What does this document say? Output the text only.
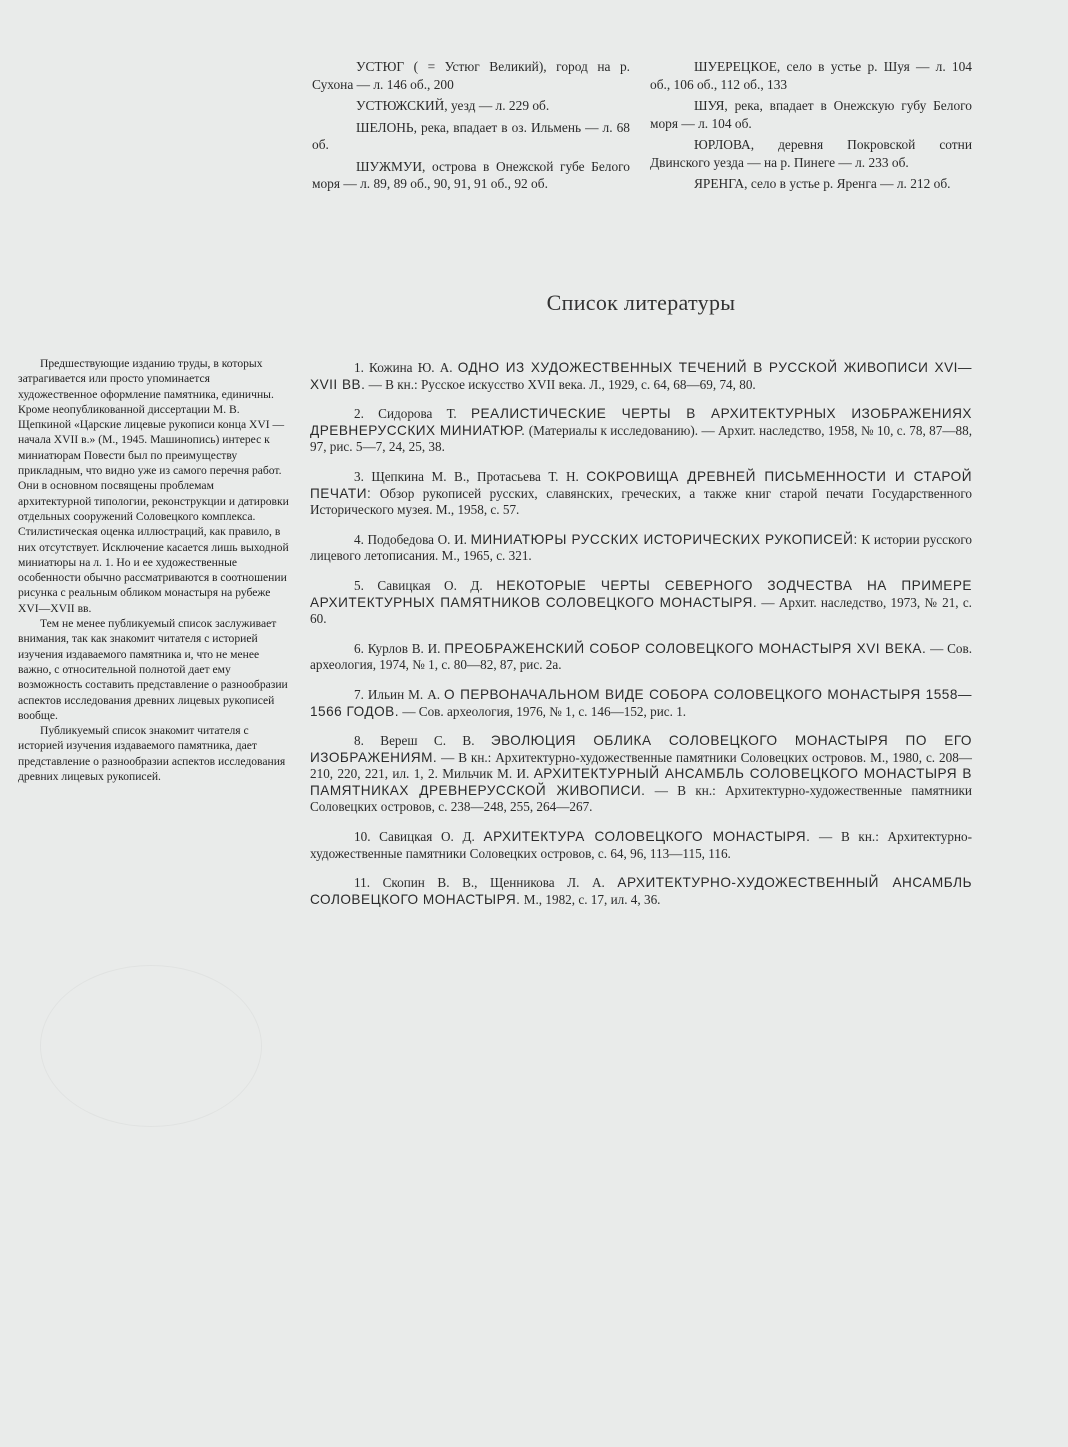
УСТЮГ ( = Устюг Великий), город на р. Сухона — л. 146 об., 200

УСТЮЖСКИЙ, уезд — л. 229 об.

ШЕЛОНЬ, река, впадает в оз. Ильмень — л. 68 об.

ШУЖМУИ, острова в Онежской губе Белого моря — л. 89, 89 об., 90, 91, 91 об., 92 об.

ШУЕРЕЦКОЕ, село в устье р. Шуя — л. 104 об., 106 об., 112 об., 133

ШУЯ, река, впадает в Онежскую губу Белого моря — л. 104 об.

ЮРЛОВА, деревня Покровской сотни Двинского уезда — на р. Пинеге — л. 233 об.

ЯРЕНГА, село в устье р. Яренга — л. 212 об.

Список литературы

Предшествующие изданию труды, в которых затрагивается или просто упоминается художественное оформление памятника, единичны. Кроме неопубликованной диссертации М. В. Щепкиной «Царские лицевые рукописи конца XVI — начала XVII в.» (М., 1945. Машинопись) интерес к миниатюрам Повести был по преимуществу прикладным, что видно уже из самого перечня работ. Они в основном посвящены проблемам архитектурной типологии, реконструкции и датировки отдельных сооружений Соловецкого комплекса. Стилистическая оценка иллюстраций, как правило, в них отсутствует. Исключение касается лишь выходной миниатюры на л. 1. Но и ее художественные особенности обычно рассматриваются в соотношении рисунка с реальным обликом монастыря на рубеже XVI—XVII вв.

Тем не менее публикуемый список заслуживает внимания, так как знакомит читателя с историей изучения издаваемого памятника и, что не менее важно, с относительной полнотой дает ему возможность составить представление о разнообразии аспектов исследования древних лицевых рукописей вообще.

Публикуемый список знакомит читателя с историей изучения издаваемого памятника, дает представление о разнообразии аспектов исследования древних лицевых рукописей.

1. Кожина Ю. А. ОДНО ИЗ ХУДОЖЕСТВЕННЫХ ТЕЧЕНИЙ В РУССКОЙ ЖИВОПИСИ XVI—XVII ВВ. — В кн.: Русское искусство XVII века. Л., 1929, с. 64, 68—69, 74, 80.

2. Сидорова Т. РЕАЛИСТИЧЕСКИЕ ЧЕРТЫ В АРХИТЕКТУРНЫХ ИЗОБРАЖЕНИЯХ ДРЕВНЕРУССКИХ МИНИАТЮР. (Материалы к исследованию). — Архит. наследство, 1958, № 10, с. 78, 87—88, 97, рис. 5—7, 24, 25, 38.

3. Щепкина М. В., Протасьева Т. Н. СОКРОВИЩА ДРЕВНЕЙ ПИСЬМЕННОСТИ И СТАРОЙ ПЕЧАТИ: Обзор рукописей русских, славянских, греческих, а также книг старой печати Государственного Исторического музея. М., 1958, с. 57.

4. Подобедова О. И. МИНИАТЮРЫ РУССКИХ ИСТОРИЧЕСКИХ РУКОПИСЕЙ: К истории русского лицевого летописания. М., 1965, с. 321.

5. Савицкая О. Д. НЕКОТОРЫЕ ЧЕРТЫ СЕВЕРНОГО ЗОДЧЕСТВА НА ПРИМЕРЕ АРХИТЕКТУРНЫХ ПАМЯТНИКОВ СОЛОВЕЦКОГО МОНАСТЫРЯ. — Архит. наследство, 1973, № 21, с. 60.

6. Курлов В. И. ПРЕОБРАЖЕНСКИЙ СОБОР СОЛОВЕЦКОГО МОНАСТЫРЯ XVI ВЕКА. — Сов. археология, 1974, № 1, с. 80—82, 87, рис. 2а.

7. Ильин М. А. О ПЕРВОНАЧАЛЬНОМ ВИДЕ СОБОРА СОЛОВЕЦКОГО МОНАСТЫРЯ 1558—1566 ГОДОВ. — Сов. археология, 1976, № 1, с. 146—152, рис. 1.

8. Вереш С. В. ЭВОЛЮЦИЯ ОБЛИКА СОЛОВЕЦКОГО МОНАСТЫРЯ ПО ЕГО ИЗОБРАЖЕНИЯМ. — В кн.: Архитектурно-художественные памятники Соловецких островов. М., 1980, с. 208—210, 220, 221, ил. 1, 2. Мильчик М. И. АРХИТЕКТУРНЫЙ АНСАМБЛЬ СОЛОВЕЦКОГО МОНАСТЫРЯ В ПАМЯТНИКАХ ДРЕВНЕРУССКОЙ ЖИВОПИСИ. — В кн.: Архитектурно-художественные памятники Соловецких островов, с. 238—248, 255, 264—267.

10. Савицкая О. Д. АРХИТЕКТУРА СОЛОВЕЦКОГО МОНАСТЫРЯ. — В кн.: Архитектурно-художественные памятники Соловецких островов, с. 64, 96, 113—115, 116.

11. Скопин В. В., Щенникова Л. А. АРХИТЕКТУРНО-ХУДОЖЕСТВЕННЫЙ АНСАМБЛЬ СОЛОВЕЦКОГО МОНАСТЫРЯ. М., 1982, с. 17, ил. 4, 36.
